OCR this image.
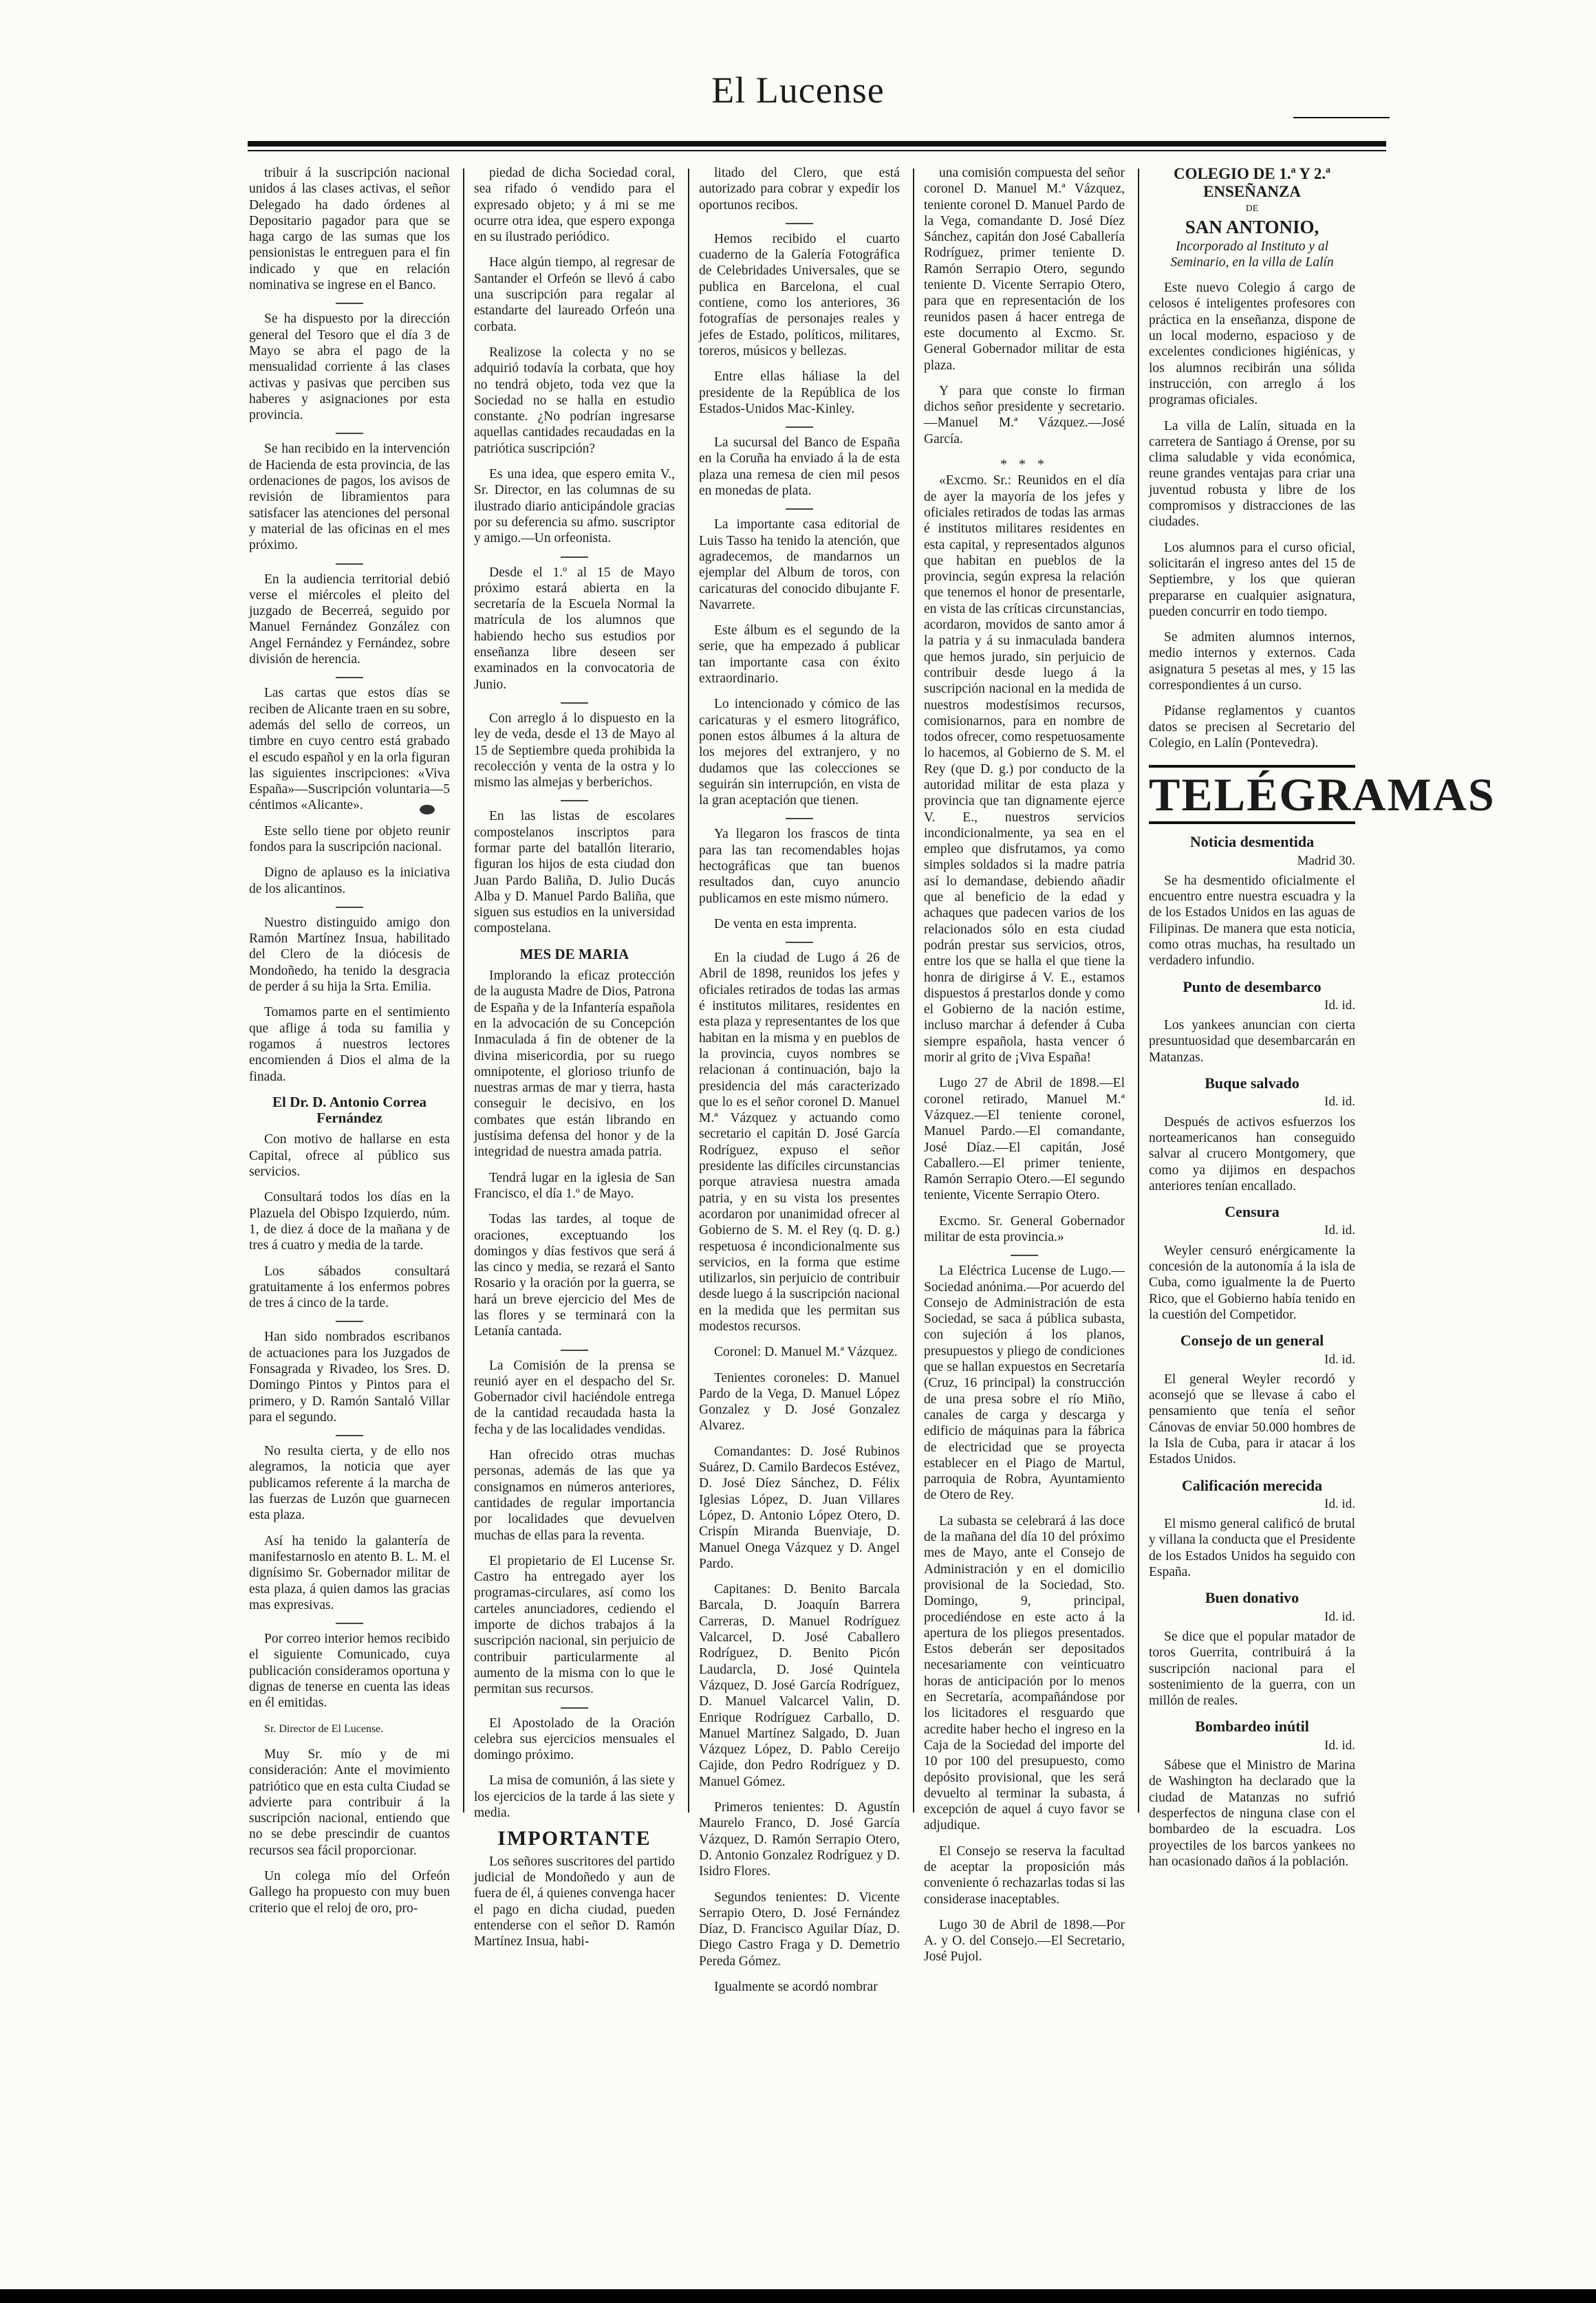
El Lucense

tribuir á la suscripción nacional unidos á las clases activas, el señor Delegado ha dado órdenes al Depositario pagador para que se haga cargo de las sumas que los pensionistas le entreguen para el fin indicado y que en relación nominativa se ingrese en el Banco.

Se ha dispuesto por la dirección general del Tesoro que el día 3 de Mayo se abra el pago de la mensualidad corriente á las clases activas y pasivas que perciben sus haberes y asignaciones por esta provincia.

Se han recibido en la intervención de Hacienda de esta provincia, de las ordenaciones de pagos, los avisos de revisión de libramientos para satisfacer las atenciones del personal y material de las oficinas en el mes próximo.

En la audiencia territorial debió verse el miércoles el pleito del juzgado de Becerreá, seguido por Manuel Fernández González con Angel Fernández y Fernández, sobre división de herencia.

Las cartas que estos días se reciben de Alicante traen en su sobre, además del sello de correos, un timbre en cuyo centro está grabado el escudo español y en la orla figuran las siguientes inscripciones: «Viva España»—Suscripción voluntaria—5 céntimos «Alicante».

Este sello tiene por objeto reunir fondos para la suscripción nacional.

Digno de aplauso es la iniciativa de los alicantinos.

Nuestro distinguido amigo don Ramón Martínez Insua, habilitado del Clero de la diócesis de Mondoñedo, ha tenido la desgracia de perder á su hija la Srta. Emilia.

Tomamos parte en el sentimiento que aflige á toda su familia y rogamos á nuestros lectores encomienden á Dios el alma de la finada.

El Dr. D. Antonio Correa Fernández

Con motivo de hallarse en esta Capital, ofrece al público sus servicios.

Consultará todos los días en la Plazuela del Obispo Izquierdo, núm. 1, de diez á doce de la mañana y de tres á cuatro y media de la tarde.

Los sábados consultará gratuitamente á los enfermos pobres de tres á cinco de la tarde.

Han sido nombrados escribanos de actuaciones para los Juzgados de Fonsagrada y Rivadeo, los Sres. D. Domingo Pintos y Pintos para el primero, y D. Ramón Santaló Villar para el segundo.

No resulta cierta, y de ello nos alegramos, la noticia que ayer publicamos referente á la marcha de las fuerzas de Luzón que guarnecen esta plaza.

Así ha tenido la galantería de manifestarnoslo en atento B. L. M. el dignísimo Sr. Gobernador militar de esta plaza, á quien damos las gracias mas expresivas.

Por correo interior hemos recibido el siguiente Comunicado, cuya publicación consideramos oportuna y dignas de tenerse en cuenta las ideas en él emitidas.

Sr. Director de El Lucense.

Muy Sr. mío y de mi consideración: Ante el movimiento patriótico que en esta culta Ciudad se advierte para contribuir á la suscripción nacional, entiendo que no se debe prescindir de cuantos recursos sea fácil proporcionar.

Un colega mío del Orfeón Gallego ha propuesto con muy buen criterio que el reloj de oro, pro-

piedad de dicha Sociedad coral, sea rifado ó vendido para el expresado objeto; y á mi se me ocurre otra idea, que espero exponga en su ilustrado periódico.

Hace algún tiempo, al regresar de Santander el Orfeón se llevó á cabo una suscripción para regalar al estandarte del laureado Orfeón una corbata.

Realizose la colecta y no se adquirió todavía la corbata, que hoy no tendrá objeto, toda vez que la Sociedad no se halla en estudio constante. ¿No podrían ingresarse aquellas cantidades recaudadas en la patriótica suscripción?

Es una idea, que espero emita V., Sr. Director, en las columnas de su ilustrado diario anticipándole gracias por su deferencia su afmo. suscriptor y amigo.—Un orfeonista.

Desde el 1.º al 15 de Mayo próximo estará abierta en la secretaría de la Escuela Normal la matrícula de los alumnos que habiendo hecho sus estudios por enseñanza libre deseen ser examinados en la convocatoria de Junio.

Con arreglo á lo dispuesto en la ley de veda, desde el 13 de Mayo al 15 de Septiembre queda prohibida la recolección y venta de la ostra y lo mismo las almejas y berberichos.

En las listas de escolares compostelanos inscriptos para formar parte del batallón literario, figuran los hijos de esta ciudad don Juan Pardo Baliña, D. Julio Ducás Alba y D. Manuel Pardo Baliña, que siguen sus estudios en la universidad compostelana.

MES DE MARIA

Implorando la eficaz protección de la augusta Madre de Dios, Patrona de España y de la Infantería española en la advocación de su Concepción Inmaculada á fin de obtener de la divina misericordia, por su ruego omnipotente, el glorioso triunfo de nuestras armas de mar y tierra, hasta conseguir le decisivo, en los combates que están librando en justísima defensa del honor y de la integridad de nuestra amada patria.

Tendrá lugar en la iglesia de San Francisco, el día 1.º de Mayo.

Todas las tardes, al toque de oraciones, exceptuando los domingos y días festivos que será á las cinco y media, se rezará el Santo Rosario y la oración por la guerra, se hará un breve ejercicio del Mes de las flores y se terminará con la Letanía cantada.

La Comisión de la prensa se reunió ayer en el despacho del Sr. Gobernador civil haciéndole entrega de la cantidad recaudada hasta la fecha y de las localidades vendidas.

Han ofrecido otras muchas personas, además de las que ya consignamos en números anteriores, cantidades de regular importancia por localidades que devuelven muchas de ellas para la reventa.

El propietario de El Lucense Sr. Castro ha entregado ayer los programas-circulares, así como los carteles anunciadores, cediendo el importe de dichos trabajos á la suscripción nacional, sin perjuicio de contribuir particularmente al aumento de la misma con lo que le permitan sus recursos.

El Apostolado de la Oración celebra sus ejercicios mensuales el domingo próximo.

La misa de comunión, á las siete y los ejercicios de la tarde á las siete y media.

IMPORTANTE

Los señores suscritores del partido judicial de Mondoñedo y aun de fuera de él, á quienes convenga hacer el pago en dicha ciudad, pueden entenderse con el señor D. Ramón Martínez Insua, habi-

litado del Clero, que está autorizado para cobrar y expedir los oportunos recibos.

Hemos recibido el cuarto cuaderno de la Galería Fotográfica de Celebridades Universales, que se publica en Barcelona, el cual contiene, como los anteriores, 36 fotografías de personajes reales y jefes de Estado, políticos, militares, toreros, músicos y bellezas.

Entre ellas háliase la del presidente de la República de los Estados-Unidos Mac-Kinley.

La sucursal del Banco de España en la Coruña ha enviado á la de esta plaza una remesa de cien mil pesos en monedas de plata.

La importante casa editorial de Luis Tasso ha tenido la atención, que agradecemos, de mandarnos un ejemplar del Album de toros, con caricaturas del conocido dibujante F. Navarrete.

Este álbum es el segundo de la serie, que ha empezado á publicar tan importante casa con éxito extraordinario.

Lo intencionado y cómico de las caricaturas y el esmero litográfico, ponen estos álbumes á la altura de los mejores del extranjero, y no dudamos que las colecciones se seguirán sin interrupción, en vista de la gran aceptación que tienen.

Ya llegaron los frascos de tinta para las tan recomendables hojas hectográficas que tan buenos resultados dan, cuyo anuncio publicamos en este mismo número.

De venta en esta imprenta.

En la ciudad de Lugo á 26 de Abril de 1898, reunidos los jefes y oficiales retirados de todas las armas é institutos militares, residentes en esta plaza y representantes de los que habitan en la misma y en pueblos de la provincia, cuyos nombres se relacionan á continuación, bajo la presidencia del más caracterizado que lo es el señor coronel D. Manuel M.ª Vázquez y actuando como secretario el capitán D. José García Rodríguez, expuso el señor presidente las difíciles circunstancias porque atraviesa nuestra amada patria, y en su vista los presentes acordaron por unanimidad ofrecer al Gobierno de S. M. el Rey (q. D. g.) respetuosa é incondicionalmente sus servicios, en la forma que estime utilizarlos, sin perjuicio de contribuir desde luego á la suscripción nacional en la medida que les permitan sus modestos recursos.

Coronel: D. Manuel M.ª Vázquez.

Tenientes coroneles: D. Manuel Pardo de la Vega, D. Manuel López Gonzalez y D. José Gonzalez Alvarez.

Comandantes: D. José Rubinos Suárez, D. Camilo Bardecos Estévez, D. José Díez Sánchez, D. Félix Iglesias López, D. Juan Villares López, D. Antonio López Otero, D. Crispín Miranda Buenviaje, D. Manuel Onega Vázquez y D. Angel Pardo.

Capitanes: D. Benito Barcala Barcala, D. Joaquín Barrera Carreras, D. Manuel Rodríguez Valcarcel, D. José Caballero Rodríguez, D. Benito Picón Laudarcla, D. José Quintela Vázquez, D. José García Rodríguez, D. Manuel Valcarcel Valin, D. Enrique Rodríguez Carballo, D. Manuel Martínez Salgado, D. Juan Vázquez López, D. Pablo Cereijo Cajide, don Pedro Rodríguez y D. Manuel Gómez.

Primeros tenientes: D. Agustín Maurelo Franco, D. José García Vázquez, D. Ramón Serrapio Otero, D. Antonio Gonzalez Rodríguez y D. Isidro Flores.

Segundos tenientes: D. Vicente Serrapio Otero, D. José Fernández Díaz, D. Francisco Aguilar Díaz, D. Diego Castro Fraga y D. Demetrio Pereda Gómez.

Igualmente se acordó nombrar

una comisión compuesta del señor coronel D. Manuel M.ª Vázquez, teniente coronel D. Manuel Pardo de la Vega, comandante D. José Díez Sánchez, capitán don José Caballería Rodríguez, primer teniente D. Ramón Serrapio Otero, segundo teniente D. Vicente Serrapio Otero, para que en representación de los reunidos pasen á hacer entrega de este documento al Excmo. Sr. General Gobernador militar de esta plaza.

Y para que conste lo firman dichos señor presidente y secretario.—Manuel M.ª Vázquez.—José García.

* * *

«Excmo. Sr.: Reunidos en el día de ayer la mayoría de los jefes y oficiales retirados de todas las armas é institutos militares residentes en esta capital, y representados algunos que habitan en pueblos de la provincia, según expresa la relación que tenemos el honor de presentarle, en vista de las críticas circunstancias, acordaron, movidos de santo amor á la patria y á su inmaculada bandera que hemos jurado, sin perjuicio de contribuir desde luego á la suscripción nacional en la medida de nuestros modestísimos recursos, comisionarnos, para en nombre de todos ofrecer, como respetuosamente lo hacemos, al Gobierno de S. M. el Rey (que D. g.) por conducto de la autoridad militar de esta plaza y provincia que tan dignamente ejerce V. E., nuestros servicios incondicionalmente, ya sea en el empleo que disfrutamos, ya como simples soldados si la madre patria así lo demandase, debiendo añadir que al beneficio de la edad y achaques que padecen varios de los relacionados sólo en esta ciudad podrán prestar sus servicios, otros, entre los que se halla el que tiene la honra de dirigirse á V. E., estamos dispuestos á prestarlos donde y como el Gobierno de la nación estime, incluso marchar á defender á Cuba siempre española, hasta vencer ó morir al grito de ¡Viva España!

Lugo 27 de Abril de 1898.—El coronel retirado, Manuel M.ª Vázquez.—El teniente coronel, Manuel Pardo.—El comandante, José Díaz.—El capitán, José Caballero.—El primer teniente, Ramón Serrapio Otero.—El segundo teniente, Vicente Serrapio Otero.

Excmo. Sr. General Gobernador militar de esta provincia.»

La Eléctrica Lucense de Lugo.—Sociedad anónima.—Por acuerdo del Consejo de Administración de esta Sociedad, se saca á pública subasta, con sujeción á los planos, presupuestos y pliego de condiciones que se hallan expuestos en Secretaría (Cruz, 16 principal) la construcción de una presa sobre el río Miño, canales de carga y descarga y edificio de máquinas para la fábrica de electricidad que se proyecta establecer en el Piago de Martul, parroquia de Robra, Ayuntamiento de Otero de Rey.

La subasta se celebrará á las doce de la mañana del día 10 del próximo mes de Mayo, ante el Consejo de Administración y en el domicilio provisional de la Sociedad, Sto. Domingo, 9, principal, procediéndose en este acto á la apertura de los pliegos presentados. Estos deberán ser depositados necesariamente con veinticuatro horas de anticipación por lo menos en Secretaría, acompañándose por los licitadores el resguardo que acredite haber hecho el ingreso en la Caja de la Sociedad del importe del 10 por 100 del presupuesto, como depósito provisional, que les será devuelto al terminar la subasta, á excepción de aquel á cuyo favor se adjudique.

El Consejo se reserva la facultad de aceptar la proposición más conveniente ó rechazarlas todas si las considerase inaceptables.

Lugo 30 de Abril de 1898.—Por A. y O. del Consejo.—El Secretario, José Pujol.

COLEGIO DE 1.ª Y 2.ª ENSEÑANZA
DE
SAN ANTONIO,

Incorporado al Instituto y al Seminario, en la villa de Lalín

Este nuevo Colegio á cargo de celosos é inteligentes profesores con práctica en la enseñanza, dispone de un local moderno, espacioso y de excelentes condiciones higiénicas, y los alumnos recibirán una sólida instrucción, con arreglo á los programas oficiales.

La villa de Lalín, situada en la carretera de Santiago á Orense, por su clima saludable y vida económica, reune grandes ventajas para criar una juventud robusta y libre de los compromisos y distracciones de las ciudades.

Los alumnos para el curso oficial, solicitarán el ingreso antes del 15 de Septiembre, y los que quieran prepararse en cualquier asignatura, pueden concurrir en todo tiempo.

Se admiten alumnos internos, medio internos y externos. Cada asignatura 5 pesetas al mes, y 15 las correspondientes á un curso.

Pídanse reglamentos y cuantos datos se precisen al Secretario del Colegio, en Lalín (Pontevedra).

TELÉGRAMAS
Noticia desmentida
Madrid 30.

Se ha desmentido oficialmente el encuentro entre nuestra escuadra y la de los Estados Unidos en las aguas de Filipinas. De manera que esta noticia, como otras muchas, ha resultado un verdadero infundio.

Punto de desembarco
Id. id.

Los yankees anuncian con cierta presuntuosidad que desembarcarán en Matanzas.

Buque salvado
Id. id.

Después de activos esfuerzos los norteamericanos han conseguido salvar al crucero Montgomery, que como ya dijimos en despachos anteriores tenían encallado.

Censura
Id. id.

Weyler censuró enérgicamente la concesión de la autonomía á la isla de Cuba, como igualmente la de Puerto Rico, que el Gobierno había tenido en la cuestión del Competidor.

Consejo de un general
Id. id.

El general Weyler recordó y aconsejó que se llevase á cabo el pensamiento que tenía el señor Cánovas de enviar 50.000 hombres de la Isla de Cuba, para ir atacar á los Estados Unidos.

Calificación merecida
Id. id.

El mismo general calificó de brutal y villana la conducta que el Presidente de los Estados Unidos ha seguido con España.

Buen donativo
Id. id.

Se dice que el popular matador de toros Guerrita, contribuirá á la suscripción nacional para el sostenimiento de la guerra, con un millón de reales.

Bombardeo inútil
Id. id.

Sábese que el Ministro de Marina de Washington ha declarado que la ciudad de Matanzas no sufrió desperfectos de ninguna clase con el bombardeo de la escuadra. Los proyectiles de los barcos yankees no han ocasionado daños á la población.
